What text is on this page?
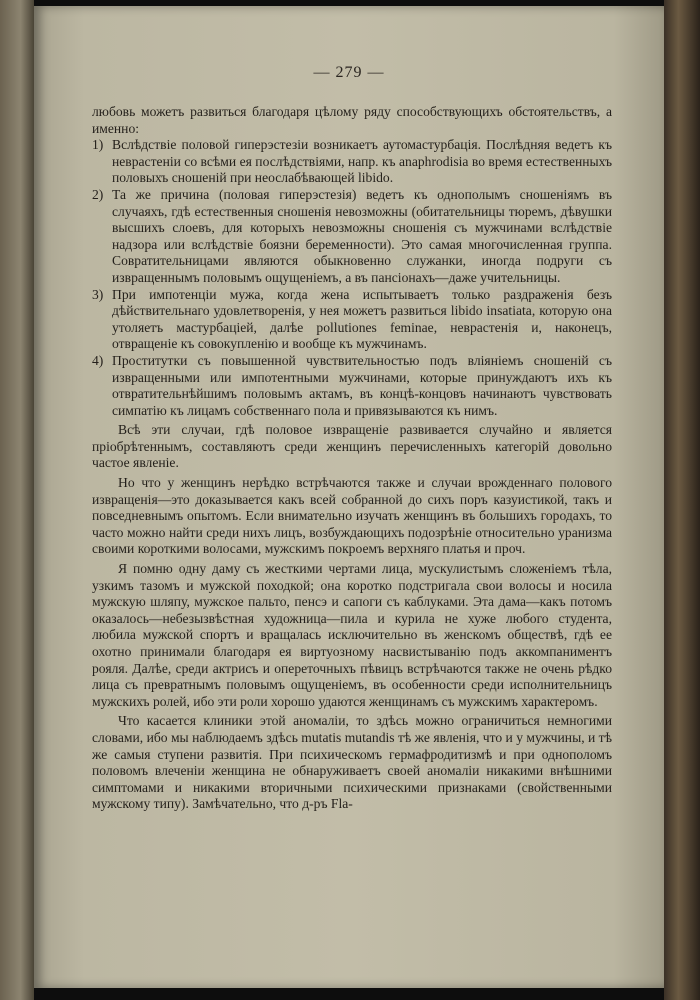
— 279 —

любовь можетъ развиться благодаря цѣлому ряду способствующихъ обстоятельствъ, а именно:

1) Вслѣдствіе половой гиперэстезіи возникаетъ аутомастурбація. Послѣдняя ведетъ къ неврастеніи со всѣми ея послѣдствіями, напр. къ anaphrodisia во время естественныхъ половыхъ сношеній при неослабѣвающей libido.

2) Та же причина (половая гиперэстезія) ведетъ къ однополымъ сношеніямъ въ случаяхъ, гдѣ естественныя сношенія невозможны (обитательницы тюремъ, дѣвушки высшихъ слоевъ, для которыхъ невозможны сношенія съ мужчинами вслѣдствіе надзора или вслѣдствіе боязни беременности). Это самая многочисленная группа. Совратительницами являются обыкновенно служанки, иногда подруги съ извращеннымъ половымъ ощущеніемъ, а въ пансіонахъ—даже учительницы.

3) При импотенціи мужа, когда жена испытываетъ только раздраженія безъ дѣйствительнаго удовлетворенія, у нея можетъ развиться libido insatiata, которую она утоляетъ мастурбаціей, далѣе pollutiones feminae, неврастенія и, наконецъ, отвращеніе къ совокупленію и вообще къ мужчинамъ.

4) Проститутки съ повышенной чувствительностью подъ вліяніемъ сношеній съ извращенными или импотентными мужчинами, которые принуждаютъ ихъ къ отвратительнѣйшимъ половымъ актамъ, въ концѣ-концовъ начинаютъ чувствовать симпатію къ лицамъ собственнаго пола и привязываются къ нимъ.

Всѣ эти случаи, гдѣ половое извращеніе развивается случайно и является пріобрѣтеннымъ, составляютъ среди женщинъ перечисленныхъ категорій довольно частое явленіе.

Но что у женщинъ нерѣдко встрѣчаются также и случаи врожденнаго полового извращенія—это доказывается какъ всей собранной до сихъ поръ казуистикой, такъ и повседневнымъ опытомъ. Если внимательно изучать женщинъ въ большихъ городахъ, то часто можно найти среди нихъ лицъ, возбуждающихъ подозрѣніе относительно уранизма своими короткими волосами, мужскимъ покроемъ верхняго платья и проч.

Я помню одну даму съ жесткими чертами лица, мускулистымъ сложеніемъ тѣла, узкимъ тазомъ и мужской походкой; она коротко подстригала свои волосы и носила мужскую шляпу, мужское пальто, пенсэ и сапоги съ каблуками. Эта дама—какъ потомъ оказалось—небезызвѣстная художница—пила и курила не хуже любого студента, любила мужской спортъ и вращалась исключительно въ женскомъ обществѣ, гдѣ ее охотно принимали благодаря ея виртуозному насвистыванію подъ аккомпаниментъ рояля. Далѣе, среди актрисъ и опереточныхъ пѣвицъ встрѣчаются также не очень рѣдко лица съ превратнымъ половымъ ощущеніемъ, въ особенности среди исполнительницъ мужскихъ ролей, ибо эти роли хорошо удаются женщинамъ съ мужскимъ характеромъ.

Что касается клиники этой аномаліи, то здѣсь можно ограничиться немногими словами, ибо мы наблюдаемъ здѣсь mutatis mutandis тѣ же явленія, что и у мужчины, и тѣ же самыя ступени развитія. При психическомъ гермафродитизмѣ и при однополомъ половомъ влеченіи женщина не обнаруживаетъ своей аномаліи никакими внѣшними симптомами и никакими вторичными психическими признаками (свойственными мужскому типу). Замѣчательно, что д-ръ Fla-
